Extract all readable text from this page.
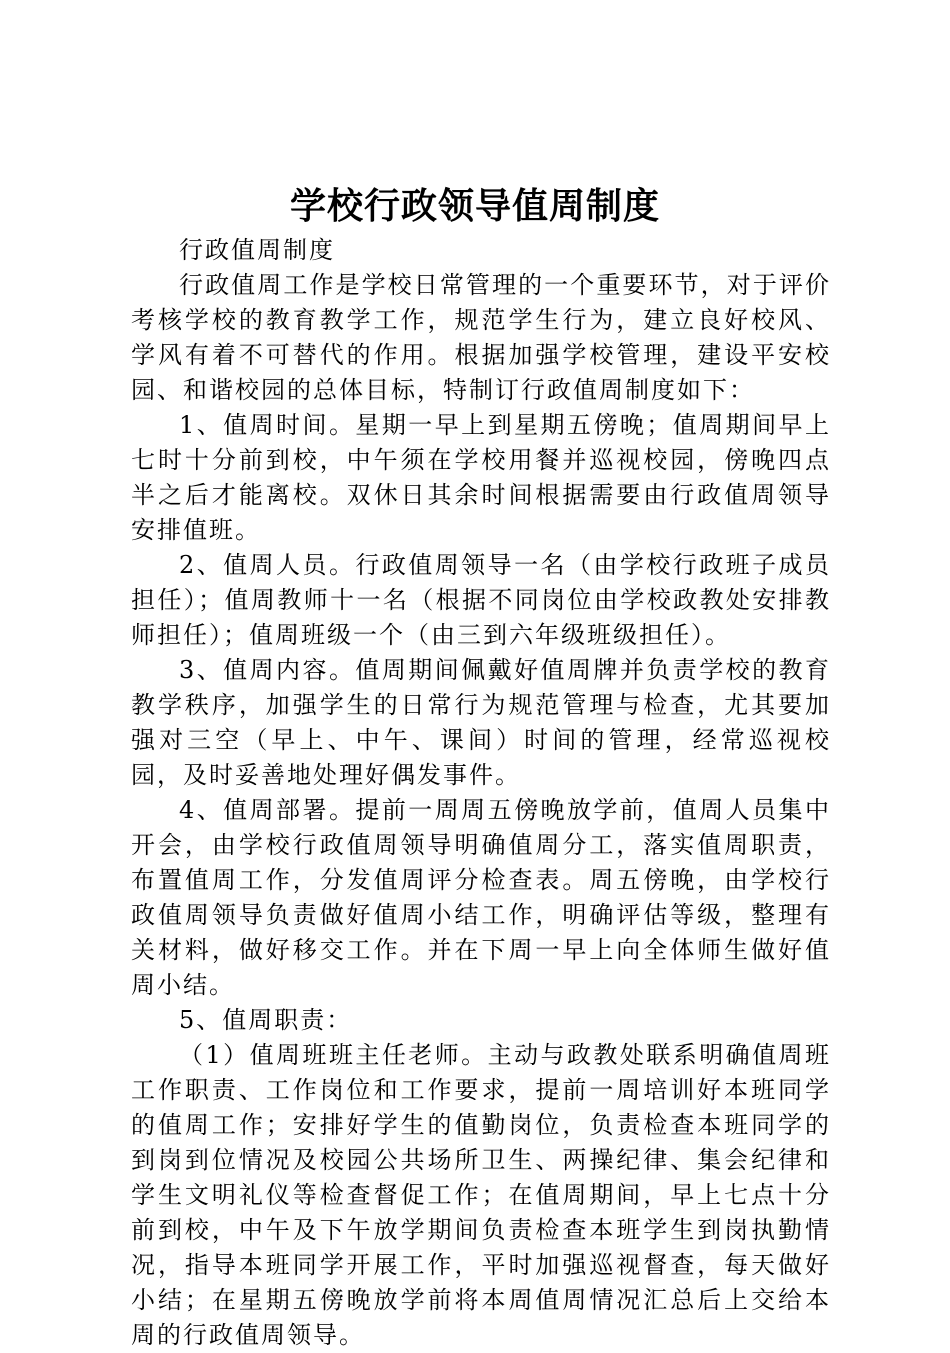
学校行政领导值周制度

行政值周制度

行政值周工作是学校日常管理的一个重要环节，对于评价考核学校的教育教学工作，规范学生行为，建立良好校风、学风有着不可替代的作用。根据加强学校管理，建设平安校园、和谐校园的总体目标，特制订行政值周制度如下：

1、值周时间。星期一早上到星期五傍晚；值周期间早上七时十分前到校，中午须在学校用餐并巡视校园，傍晚四点半之后才能离校。双休日其余时间根据需要由行政值周领导安排值班。

2、值周人员。行政值周领导一名（由学校行政班子成员担任）；值周教师十一名（根据不同岗位由学校政教处安排教师担任）；值周班级一个（由三到六年级班级担任）。

3、值周内容。值周期间佩戴好值周牌并负责学校的教育教学秩序，加强学生的日常行为规范管理与检查，尤其要加强对三空（早上、中午、课间）时间的管理，经常巡视校园，及时妥善地处理好偶发事件。

4、值周部署。提前一周周五傍晚放学前，值周人员集中开会，由学校行政值周领导明确值周分工，落实值周职责，布置值周工作，分发值周评分检查表。周五傍晚，由学校行政值周领导负责做好值周小结工作，明确评估等级，整理有关材料，做好移交工作。并在下周一早上向全体师生做好值周小结。

5、值周职责：

（1）值周班班主任老师。主动与政教处联系明确值周班工作职责、工作岗位和工作要求，提前一周培训好本班同学的值周工作；安排好学生的值勤岗位，负责检查本班同学的到岗到位情况及校园公共场所卫生、两操纪律、集会纪律和学生文明礼仪等检查督促工作；在值周期间，早上七点十分前到校，中午及下午放学期间负责检查本班学生到岗执勤情况，指导本班同学开展工作，平时加强巡视督查，每天做好小结；在星期五傍晚放学前将本周值周情况汇总后上交给本周的行政值周领导。
